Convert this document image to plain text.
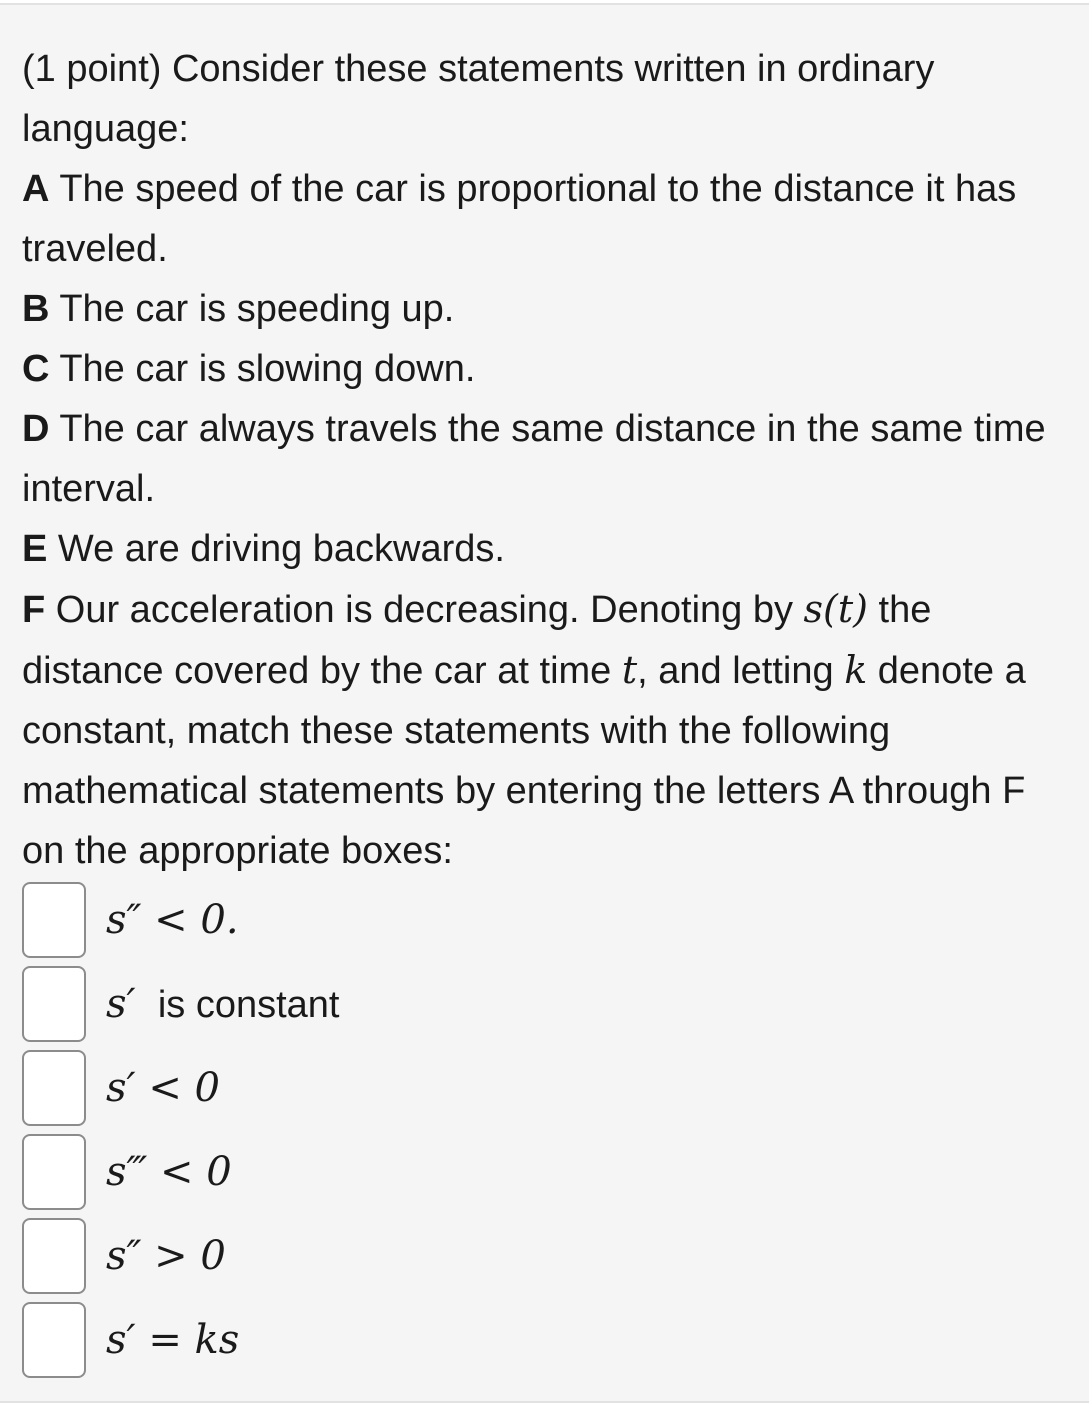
(1 point) Consider these statements written in ordinary language:
A The speed of the car is proportional to the distance it has traveled.
B The car is speeding up.
C The car is slowing down.
D The car always travels the same distance in the same time interval.
E We are driving backwards.
F Our acceleration is decreasing. Denoting by s(t) the distance covered by the car at time t, and letting k denote a constant, match these statements with the following mathematical statements by entering the letters A through F on the appropriate boxes:
s″ < 0.
s′ is constant
s′ < 0
s‴ < 0
s″ > 0
s′ = ks
